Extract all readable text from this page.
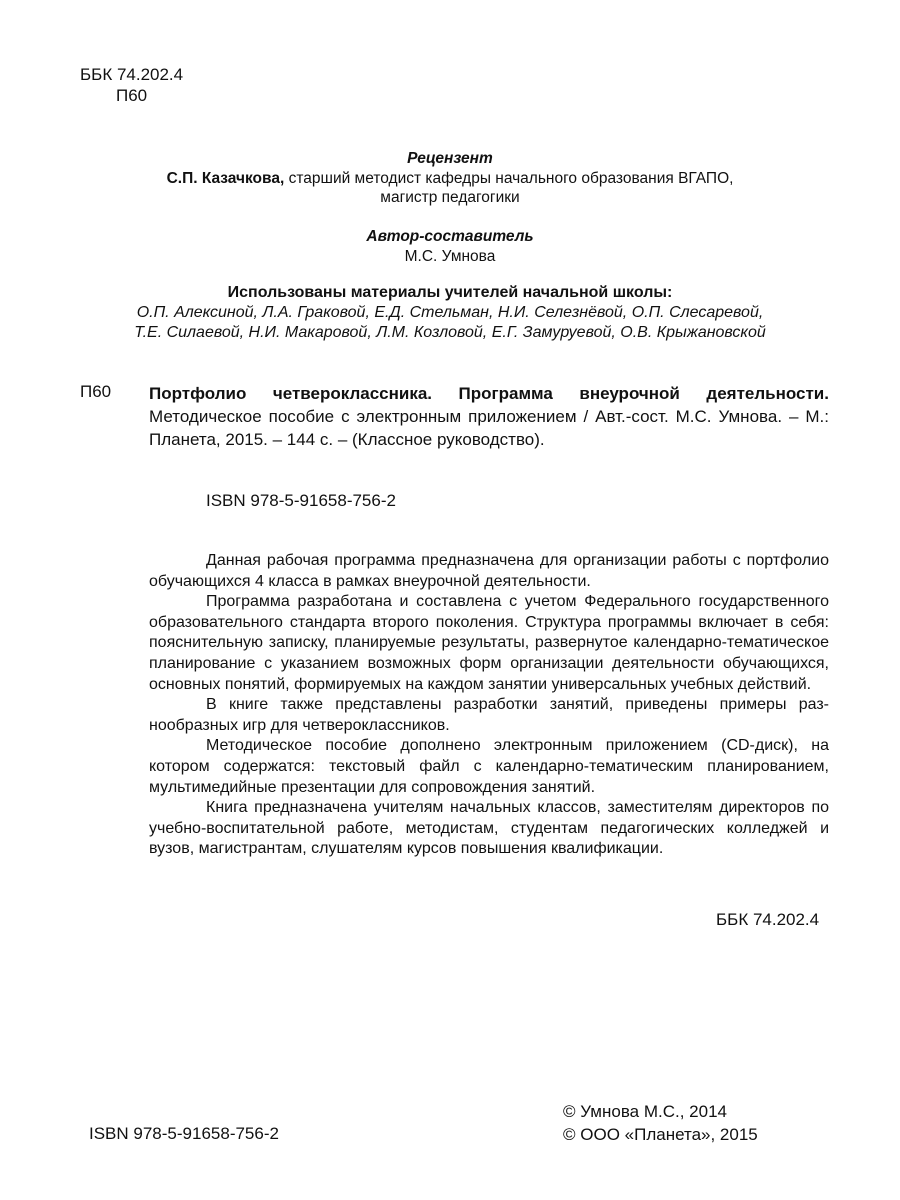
ББК 74.202.4
П60
Рецензент
С.П. Казачкова, старший методист кафедры начального образования ВГАПО,
магистр педагогики
Автор-составитель
М.С. Умнова
Использованы материалы учителей начальной школы:
О.П. Алексиной, Л.А. Граковой, Е.Д. Стельман, Н.И. Селезнёвой, О.П. Слесаревой,
Т.Е. Силаевой, Н.И. Макаровой, Л.М. Козловой, Е.Г. Замуруевой, О.В. Крыжановской
П60 Портфолио четвероклассника. Программа внеурочной деятельности. Методическое пособие с электронным приложением / Авт.-сост. М.С. Умнова. – М.: Планета, 2015. – 144 с. – (Классное руководство).
ISBN 978-5-91658-756-2

Данная рабочая программа предназначена для организации работы с портфолио обучающихся 4 класса в рамках внеурочной деятельности.

Программа разработана и составлена с учетом Федерального государственного образовательного стандарта второго поколения. Структура программы включает в себя: пояснительную записку, планируемые результаты, развернутое календарно-тематическое планирование с указанием возможных форм организации деятельности обучающихся, основных понятий, формируемых на каждом занятии универсальных учебных действий.

В книге также представлены разработки занятий, приведены примеры разнообразных игр для четвероклассников.

Методическое пособие дополнено электронным приложением (CD-диск), на котором содержатся: текстовый файл с календарно-тематическим планированием, мультимедийные презентации для сопровождения занятий.

Книга предназначена учителям начальных классов, заместителям директоров по учебно-воспитательной работе, методистам, студентам педагогических колледжей и вузов, магистрантам, слушателям курсов повышения квалификации.

ББК 74.202.4
ISBN 978-5-91658-756-2
© Умнова М.С., 2014
© ООО «Планета», 2015
